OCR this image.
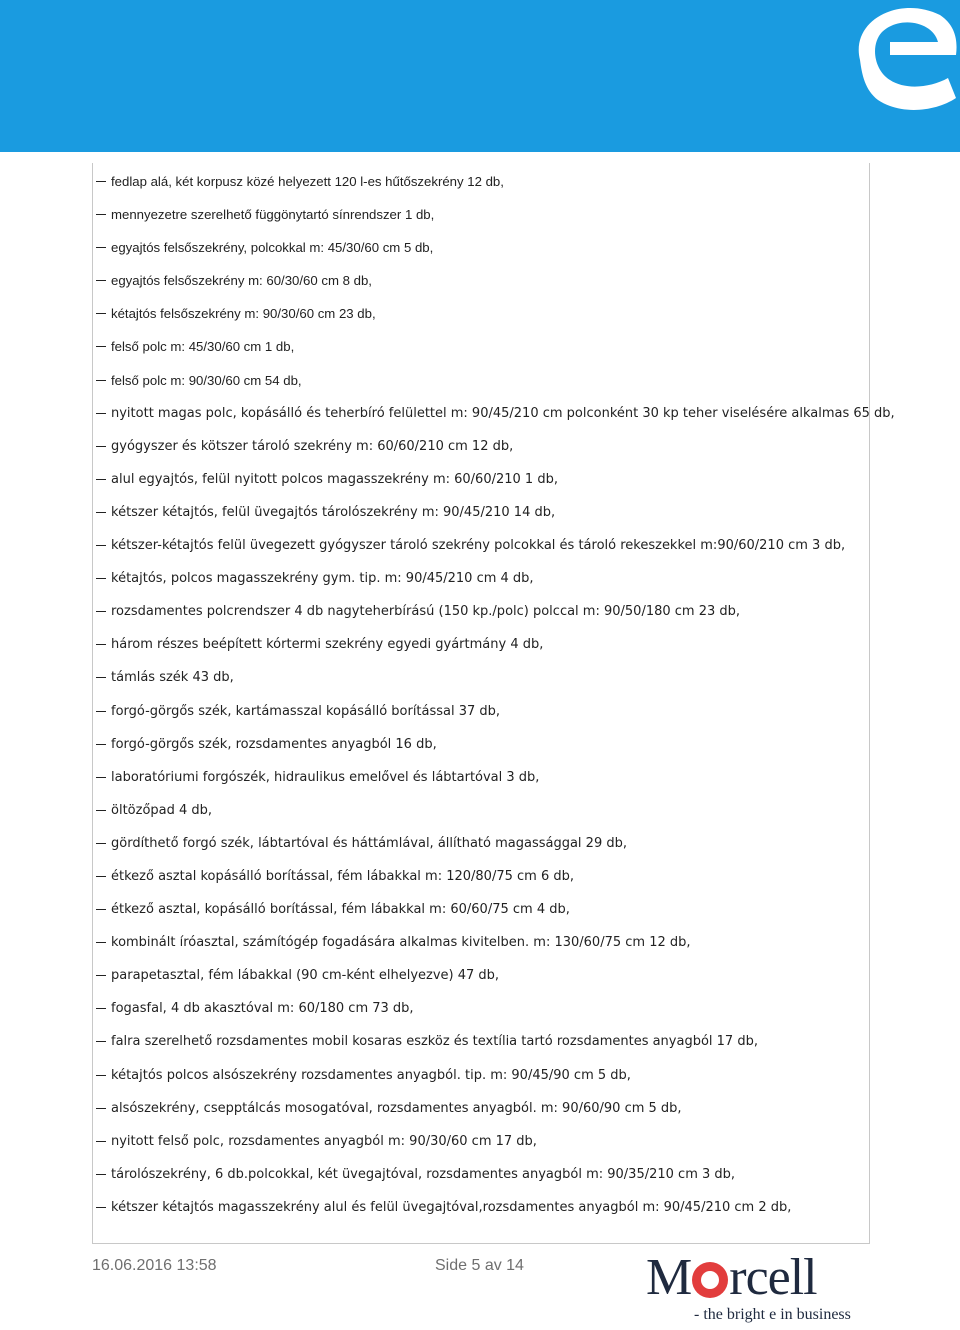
fedlap alá, két korpusz közé helyezett 120 l-es hűtőszekrény 12 db,
mennyezetre szerelhető függönytartó sínrendszer 1 db,
egyajtós felsőszekrény, polcokkal m: 45/30/60 cm 5 db,
egyajtós felsőszekrény m: 60/30/60 cm 8 db,
kétajtós felsőszekrény m: 90/30/60 cm 23 db,
felső polc m: 45/30/60 cm 1 db,
felső polc m: 90/30/60 cm 54 db,
nyitott magas polc, kopásálló és teherbíró felülettel m: 90/45/210 cm polconként 30 kp teher viselésére alkalmas 65 db,
gyógyszer és kötszer tároló szekrény m: 60/60/210 cm 12 db,
alul egyajtós, felül nyitott polcos magasszekrény m: 60/60/210 1 db,
kétszer kétajtós, felül üvegajtós tárolószekrény m: 90/45/210 14 db,
kétszer-kétajtós felül üvegezett gyógyszer tároló szekrény polcokkal és tároló rekeszekkel m:90/60/210 cm 3 db,
kétajtós, polcos magasszekrény gym. tip. m: 90/45/210 cm 4 db,
rozsdamentes polcrendszer 4 db nagyteherbírású (150 kp./polc) polccal m: 90/50/180 cm 23 db,
három részes beépített kórtermi szekrény egyedi gyártmány 4 db,
támlás szék 43 db,
forgó-görgős szék, kartámasszal kopásálló borítással 37 db,
forgó-görgős szék, rozsdamentes anyagból 16 db,
laboratóriumi forgószék, hidraulikus emelővel és lábtartóval 3 db,
öltözőpad 4 db,
gördíthető forgó szék, lábtartóval és háttámlával, állítható magassággal 29 db,
étkező asztal kopásálló borítással, fém lábakkal m: 120/80/75 cm 6 db,
étkező asztal, kopásálló borítással, fém lábakkal m: 60/60/75 cm 4 db,
kombinált íróasztal, számítógép fogadására alkalmas kivitelben. m: 130/60/75 cm 12 db,
parapetasztal, fém lábakkal (90 cm-ként elhelyezve) 47 db,
fogasfal, 4 db akasztóval m: 60/180 cm 73 db,
falra szerelhető rozsdamentes mobil kosaras eszköz és textília tartó rozsdamentes anyagból 17 db,
kétajtós polcos alsószekrény rozsdamentes anyagból. tip. m: 90/45/90 cm 5 db,
alsószekrény, csepptálcás mosogatóval, rozsdamentes anyagból. m: 90/60/90 cm 5 db,
nyitott felső polc, rozsdamentes anyagból m: 90/30/60 cm 17 db,
tárolószekrény, 6 db.polcokkal, két üvegajtóval, rozsdamentes anyagból m: 90/35/210 cm 3 db,
kétszer kétajtós magasszekrény alul és felül üvegajtóval,rozsdamentes anyagból m: 90/45/210 cm 2 db,
16.06.2016 13:58	Side 5 av 14 M rcell
- the bright e in business
